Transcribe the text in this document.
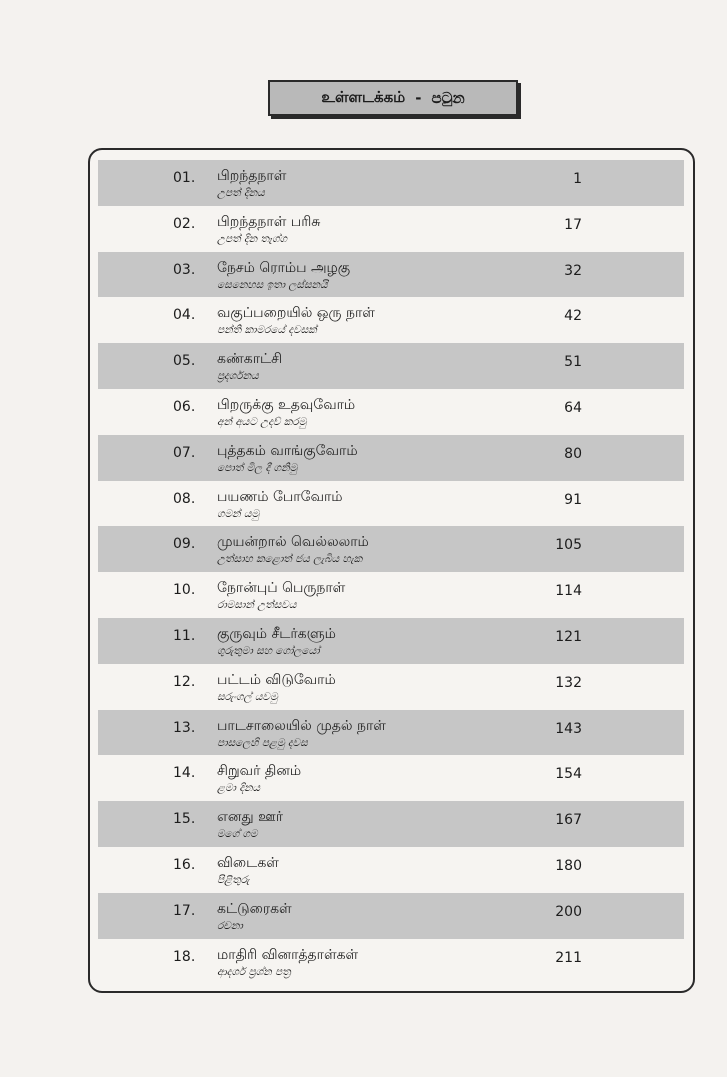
உள்ளடக்கம் - පටුන
01. பிறந்தநாள்
උපත් දිනය
1
02. பிறந்தநாள் பரிசு
උපත් දින තෑග්ග
17
03. நேசம் ரொம்ப அழகு
සෙනෙහස ඉතා ලස්සනයි
32
04. வகுப்பறையில் ஒரு நாள்
පන්ති කාමරයේ දවසක්
42
05. கண்காட்சி
ප්‍රදර්ශනය
51
06. பிறருக்கு உதவுவோம்
අන් අයට උදව් කරමු
64
07. புத்தகம் வாங்குவோம்
පොත් මිල දී ගනිමු
80
08. பயணம் போவோம்
ගමන් යමු
91
09. முயன்றால் வெல்லலாம்
උත්සාහ කළොත් ජය ලැබිය හැක
105
10. நோன்புப் பெருநாள்
රාමසාන් උත්සවය
114
11. குருவும் சீடர்களும்
ගුරුතුමා සහ ගෝලයෝ
121
12. பட்டம் விடுவோம்
සරුංගල් යවමු
132
13. பாடசாலையில் முதல் நாள்
පාසලෙහි පළමු දවස
143
14. சிறுவர் தினம்
ළමා දිනය
154
15. எனது ஊர்
මගේ ගම
167
16. விடைகள்
පිළිතුරු
180
17. கட்டுரைகள்
රචනා
200
18. மாதிரி வினாத்தாள்கள்
ආදර්ශ ප්‍රශ්න පත්‍ර
211
